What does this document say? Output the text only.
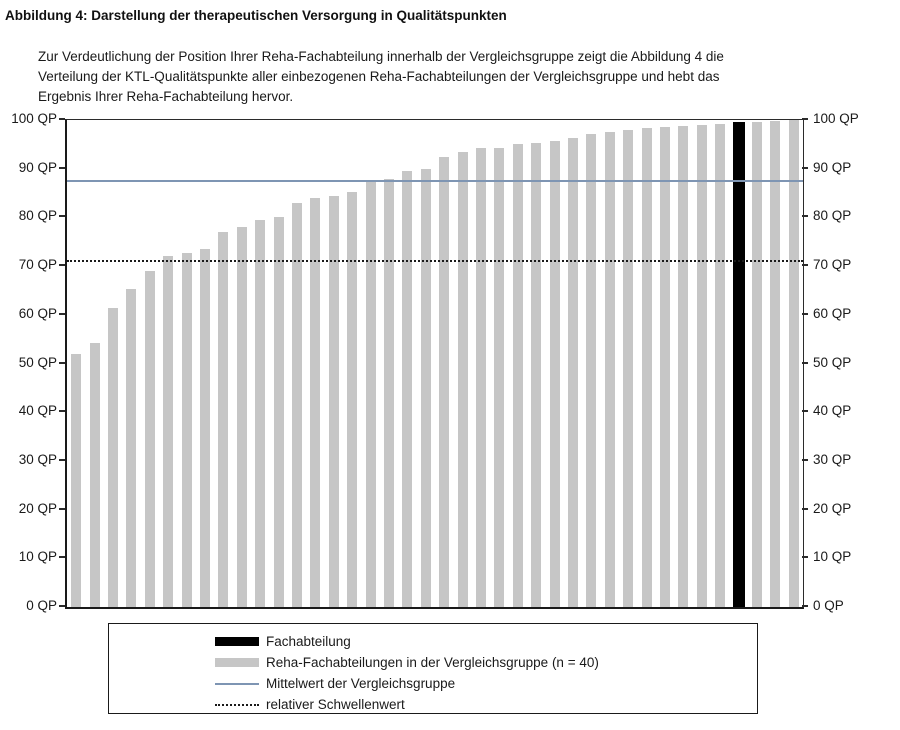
Abbildung 4: Darstellung der therapeutischen Versorgung in Qualitätspunkten

Zur Verdeutlichung der Position Ihrer Reha-Fachabteilung innerhalb der Vergleichsgruppe zeigt die Abbildung 4 die
Verteilung der KTL-Qualitätspunkte aller einbezogenen Reha-Fachabteilungen der Vergleichsgruppe und hebt das
Ergebnis Ihrer Reha-Fachabteilung hervor.

0 QP	0 QP
10 QP	10 QP
20 QP	20 QP
30 QP	30 QP
40 QP	40 QP
50 QP	50 QP
60 QP	60 QP
70 QP	70 QP
80 QP	80 QP
90 QP	90 QP
100 QP	100 QP
Fachabteilung
Reha-Fachabteilungen in der Vergleichsgruppe (n = 40)
Mittelwert der Vergleichsgruppe
relativer Schwellenwert
